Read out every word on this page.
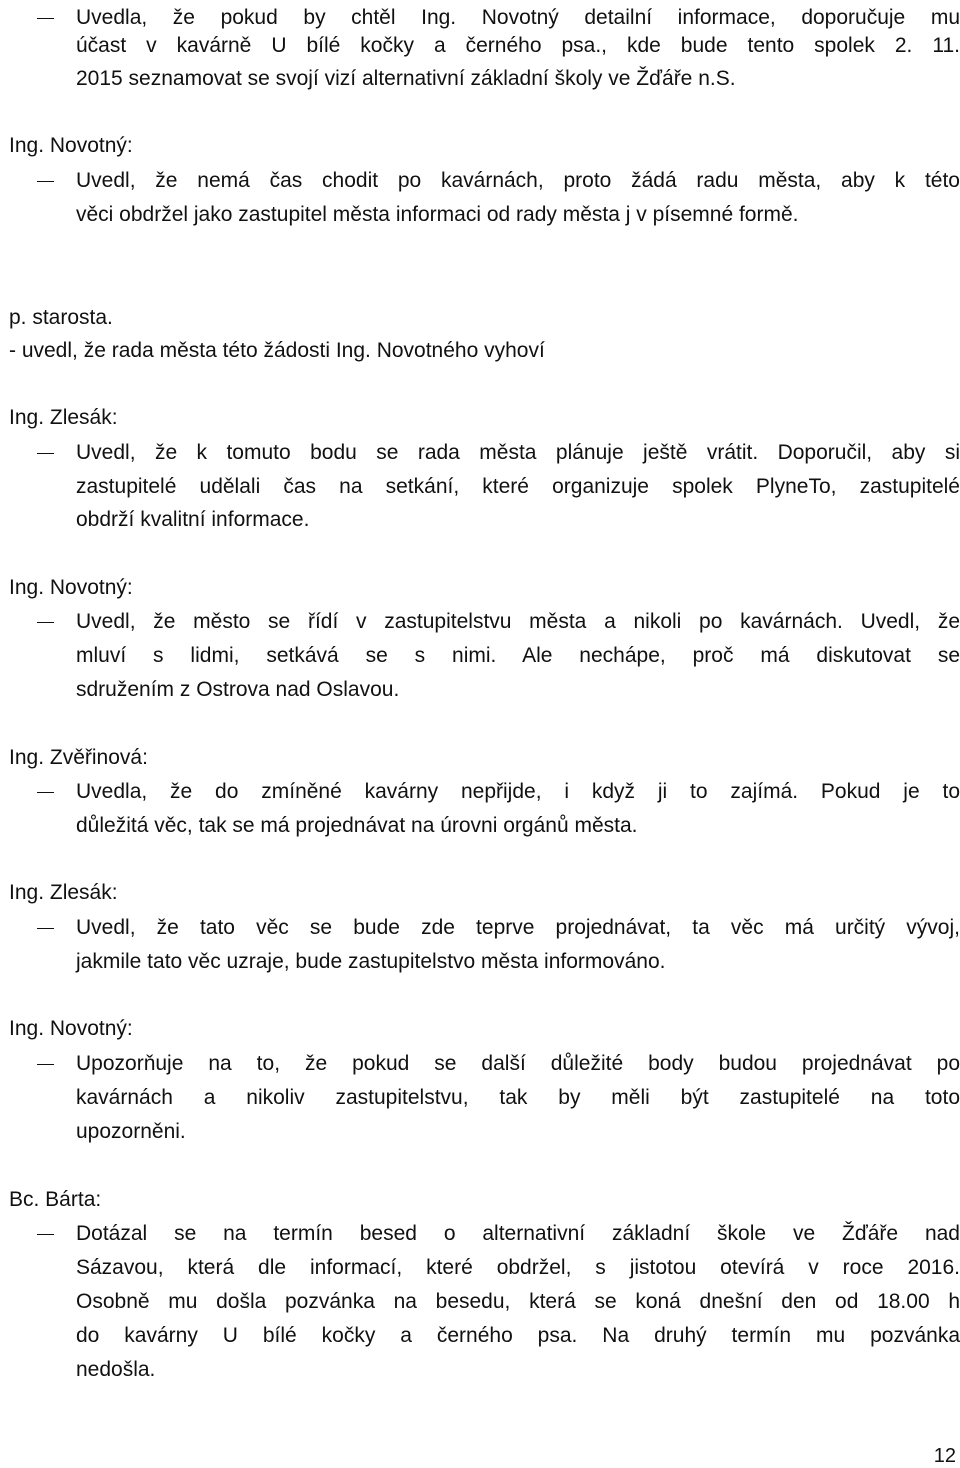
Uvedla, že pokud by chtěl Ing. Novotný detailní informace, doporučuje mu
účast v kavárně U bílé kočky a černého psa., kde bude tento spolek 2. 11.
2015 seznamovat se svojí vizí alternativní základní školy ve Žďáře n.S.
Ing. Novotný:
Uvedl, že nemá čas chodit po kavárnách, proto žádá radu města, aby k této
věci obdržel jako zastupitel města informaci od rady města j v písemné formě.
p. starosta.
- uvedl, že rada města této žádosti Ing. Novotného vyhoví
Ing. Zlesák:
Uvedl, že k tomuto bodu se rada města plánuje ještě vrátit. Doporučil, aby si
zastupitelé udělali čas na setkání, které organizuje spolek PlyneTo, zastupitelé
obdrží kvalitní informace.
Ing. Novotný:
Uvedl, že město se řídí v zastupitelstvu města a nikoli po kavárnách. Uvedl, že
mluví s lidmi, setkává se s nimi. Ale nechápe, proč má diskutovat se
sdružením z Ostrova nad Oslavou.
Ing. Zvěřinová:
Uvedla, že do zmíněné kavárny nepřijde, i když ji to zajímá. Pokud je to
důležitá věc, tak se má projednávat na úrovni orgánů města.
Ing. Zlesák:
Uvedl, že tato věc se bude zde teprve projednávat, ta věc má určitý vývoj,
jakmile tato věc uzraje, bude zastupitelstvo města informováno.
Ing. Novotný:
Upozorňuje na to, že pokud se další důležité body budou projednávat po
kavárnách a nikoliv zastupitelstvu, tak by měli být zastupitelé na toto
upozorněni.
Bc. Bárta:
Dotázal se na termín besed o alternativní základní škole ve Žďáře nad
Sázavou, která dle informací, které obdržel, s jistotou otevírá v roce 2016.
Osobně mu došla pozvánka na besedu, která se koná dnešní den od 18.00 h
do kavárny U bílé kočky a černého psa. Na druhý termín mu pozvánka
nedošla.
12
